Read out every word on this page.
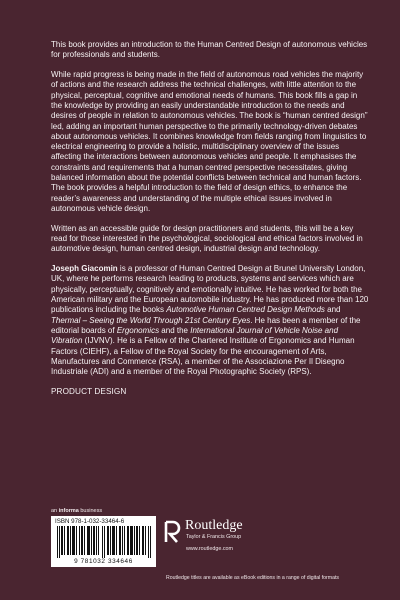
This book provides an introduction to the Human Centred Design of autonomous vehicles for professionals and students.

While rapid progress is being made in the field of autonomous road vehicles the majority of actions and the research address the technical challenges, with little attention to the physical, perceptual, cognitive and emotional needs of humans. This book fills a gap in the knowledge by providing an easily understandable introduction to the needs and desires of people in relation to autonomous vehicles. The book is “human centred design” led, adding an important human perspective to the primarily technology-driven debates about autonomous vehicles. It combines knowledge from fields ranging from linguistics to electrical engineering to provide a holistic, multidisciplinary overview of the issues affecting the interactions between autonomous vehicles and people. It emphasises the constraints and requirements that a human centred perspective necessitates, giving balanced information about the potential conflicts between technical and human factors. The book provides a helpful introduction to the field of design ethics, to enhance the reader’s awareness and understanding of the multiple ethical issues involved in autonomous vehicle design.

Written as an accessible guide for design practitioners and students, this will be a key read for those interested in the psychological, sociological and ethical factors involved in automotive design, human centred design, industrial design and technology.

Joseph Giacomin is a professor of Human Centred Design at Brunel University London, UK, where he performs research leading to products, systems and services which are physically, perceptually, cognitively and emotionally intuitive. He has worked for both the American military and the European automobile industry. He has produced more than 120 publications including the books Automotive Human Centred Design Methods and Thermal – Seeing the World Through 21st Century Eyes. He has been a member of the editorial boards of Ergonomics and the International Journal of Vehicle Noise and Vibration (IJVNV). He is a Fellow of the Chartered Institute of Ergonomics and Human Factors (CIEHF), a Fellow of the Royal Society for the encouragement of Arts, Manufactures and Commerce (RSA), a member of the Associazione Per Il Disegno Industriale (ADI) and a member of the Royal Photographic Society (RPS).

PRODUCT DESIGN
an informa business
ISBN 978-1-032-33464-6
9 781032 334646
Routledge
Taylor & Francis Group
www.routledge.com
Routledge titles are available as eBook editions in a range of digital formats
